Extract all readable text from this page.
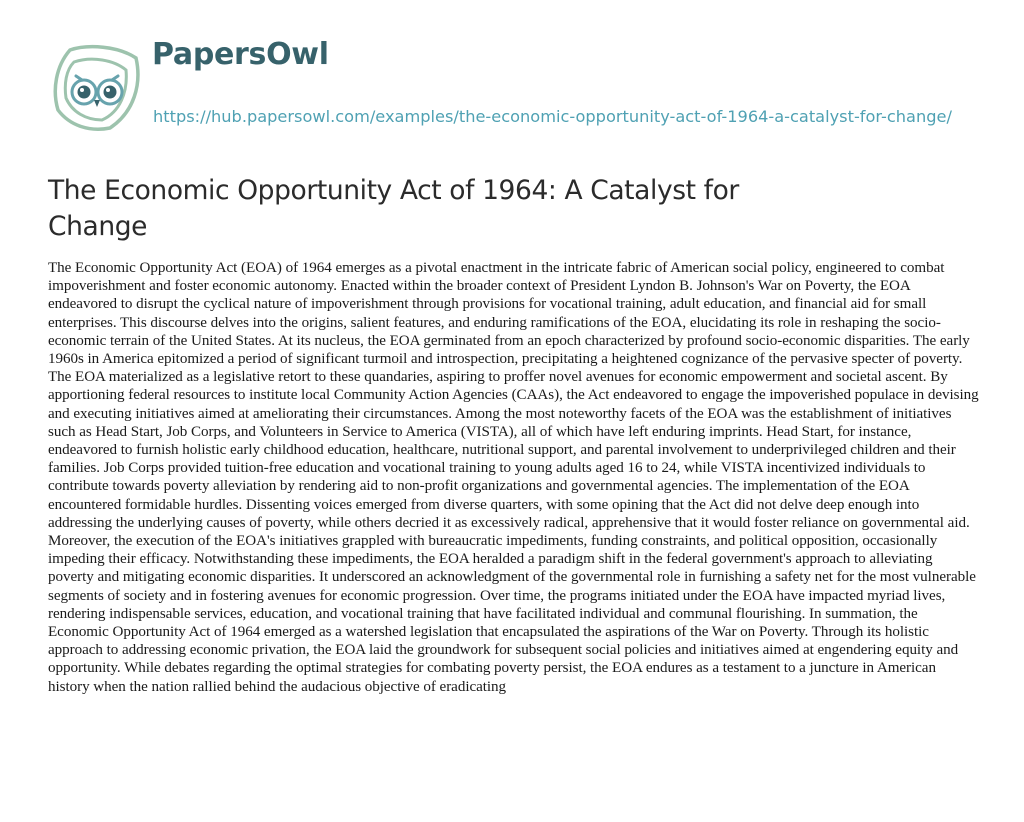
PapersOwl
https://hub.papersowl.com/examples/the-economic-opportunity-act-of-1964-a-catalyst-for-change/
The Economic Opportunity Act of 1964: A Catalyst for Change

The Economic Opportunity Act (EOA) of 1964 emerges as a pivotal enactment in the intricate fabric of American social policy, engineered to combat impoverishment and foster economic autonomy. Enacted within the broader context of President Lyndon B. Johnson's War on Poverty, the EOA endeavored to disrupt the cyclical nature of impoverishment through provisions for vocational training, adult education, and financial aid for small enterprises. This discourse delves into the origins, salient features, and enduring ramifications of the EOA, elucidating its role in reshaping the socio-economic terrain of the United States. At its nucleus, the EOA germinated from an epoch characterized by profound socio-economic disparities. The early 1960s in America epitomized a period of significant turmoil and introspection, precipitating a heightened cognizance of the pervasive specter of poverty. The EOA materialized as a legislative retort to these quandaries, aspiring to proffer novel avenues for economic empowerment and societal ascent. By apportioning federal resources to institute local Community Action Agencies (CAAs), the Act endeavored to engage the impoverished populace in devising and executing initiatives aimed at ameliorating their circumstances. Among the most noteworthy facets of the EOA was the establishment of initiatives such as Head Start, Job Corps, and Volunteers in Service to America (VISTA), all of which have left enduring imprints. Head Start, for instance, endeavored to furnish holistic early childhood education, healthcare, nutritional support, and parental involvement to underprivileged children and their families. Job Corps provided tuition-free education and vocational training to young adults aged 16 to 24, while VISTA incentivized individuals to contribute towards poverty alleviation by rendering aid to non-profit organizations and governmental agencies. The implementation of the EOA encountered formidable hurdles. Dissenting voices emerged from diverse quarters, with some opining that the Act did not delve deep enough into addressing the underlying causes of poverty, while others decried it as excessively radical, apprehensive that it would foster reliance on governmental aid. Moreover, the execution of the EOA's initiatives grappled with bureaucratic impediments, funding constraints, and political opposition, occasionally impeding their efficacy. Notwithstanding these impediments, the EOA heralded a paradigm shift in the federal government's approach to alleviating poverty and mitigating economic disparities. It underscored an acknowledgment of the governmental role in furnishing a safety net for the most vulnerable segments of society and in fostering avenues for economic progression. Over time, the programs initiated under the EOA have impacted myriad lives, rendering indispensable services, education, and vocational training that have facilitated individual and communal flourishing. In summation, the Economic Opportunity Act of 1964 emerged as a watershed legislation that encapsulated the aspirations of the War on Poverty. Through its holistic approach to addressing economic privation, the EOA laid the groundwork for subsequent social policies and initiatives aimed at engendering equity and opportunity. While debates regarding the optimal strategies for combating poverty persist, the EOA endures as a testament to a juncture in American history when the nation rallied behind the audacious objective of eradicating
